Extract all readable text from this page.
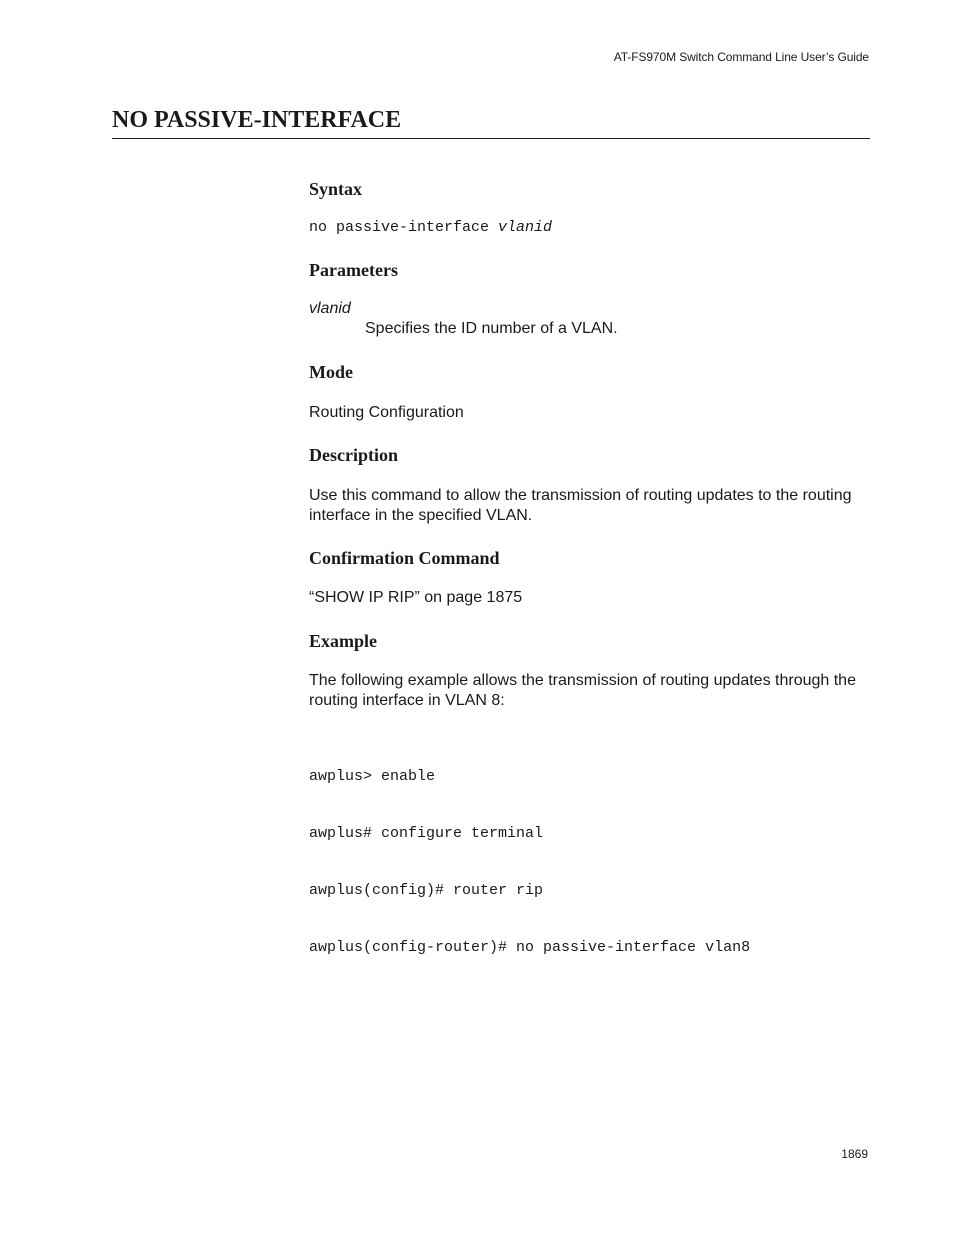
AT-FS970M Switch Command Line User’s Guide
NO PASSIVE-INTERFACE
Syntax
no passive-interface vlanid
Parameters
vlanid
Specifies the ID number of a VLAN.
Mode
Routing Configuration
Description
Use this command to allow the transmission of routing updates to the routing interface in the specified VLAN.
Confirmation Command
“SHOW IP RIP” on page 1875
Example
The following example allows the transmission of routing updates through the routing interface in VLAN 8:

awplus> enable

awplus# configure terminal

awplus(config)# router rip

awplus(config-router)# no passive-interface vlan8

1869
